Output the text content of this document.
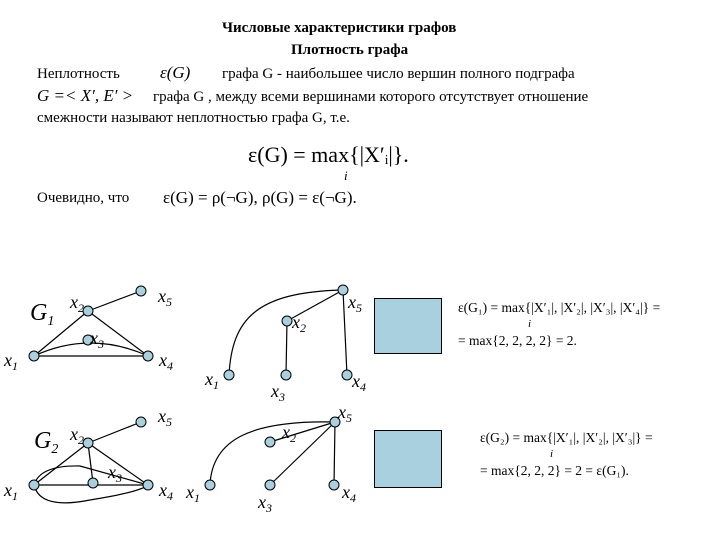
Числовые характеристики графов
Плотность графа
Неплотность ε(G) графа G - наибольшее число вершин полного подграфа
G =< X′, E′ > графа G , между всеми вершинами которого отсутствует отношение
смежности называют неплотностью графа G, т.е.
ε(G) = max{|X′ᵢ|}.
i
Очевидно, что ε(G) = ρ(¬G), ρ(G) = ε(¬G).
$G_1$
$x_2$
$x_5$
$x_1$	$x_4$
$x_3$
$x_2$
$x_5$
$x_1$	$x_3$
$x_4$
ε(G₁) = max{|X′₁|, |X′₂|, |X′₃|, |X′₄|} =
i
= max{2, 2, 2, 2} = 2.
$G_2$
$x_2$
$x_5$
$x_1$	$x_4$
$x_3$
$x_2$
$x_5$
$x_1$	$x_3$
$x_4$
ε(G₂) = max{|X′₁|, |X′₂|, |X′₃|} =
i
= max{2, 2, 2} = 2 = ε(G₁).
